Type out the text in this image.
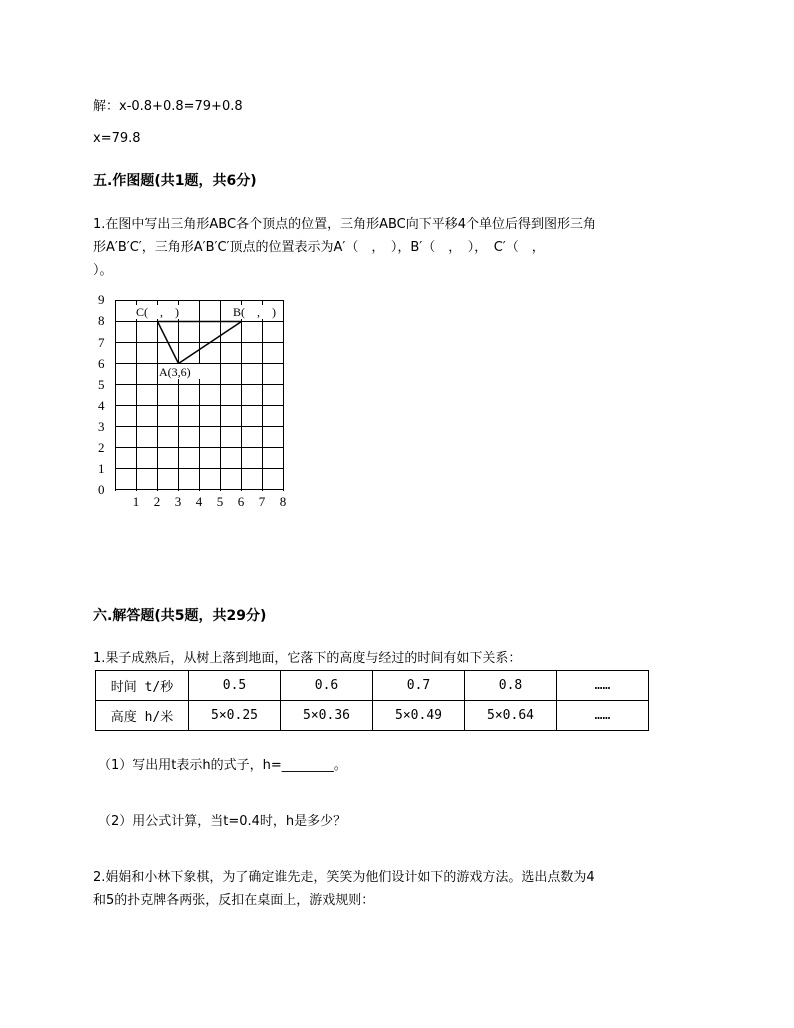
解：x-0.8+0.8=79+0.8
x=79.8
五.作图题(共1题，共6分)
1.在图中写出三角形ABC各个顶点的位置，三角形ABC向下平移4个单位后得到图形三角
形A′B′C′，三角形A′B′C′顶点的位置表示为A′（　，　），B′（　，　），　C′（　，
）。
9
8
7
6
5
4
3
2
1
0
1 2 3 4 5 6 7 8
C(　,　)	B(　,　)
A(3,6)
六.解答题(共5题，共29分)
1.果子成熟后，从树上落到地面，它落下的高度与经过的时间有如下关系：
时间 t/秒	0.5	0.6	0.7	0.8	……
高度 h/米	5×0.25	5×0.36	5×0.49	5×0.64	……
（1）写出用t表示h的式子，h=________。
（2）用公式计算，当t=0.4时，h是多少？
2.娟娟和小林下象棋，为了确定谁先走，笑笑为他们设计如下的游戏方法。选出点数为4
和5的扑克牌各两张，反扣在桌面上，游戏规则：
